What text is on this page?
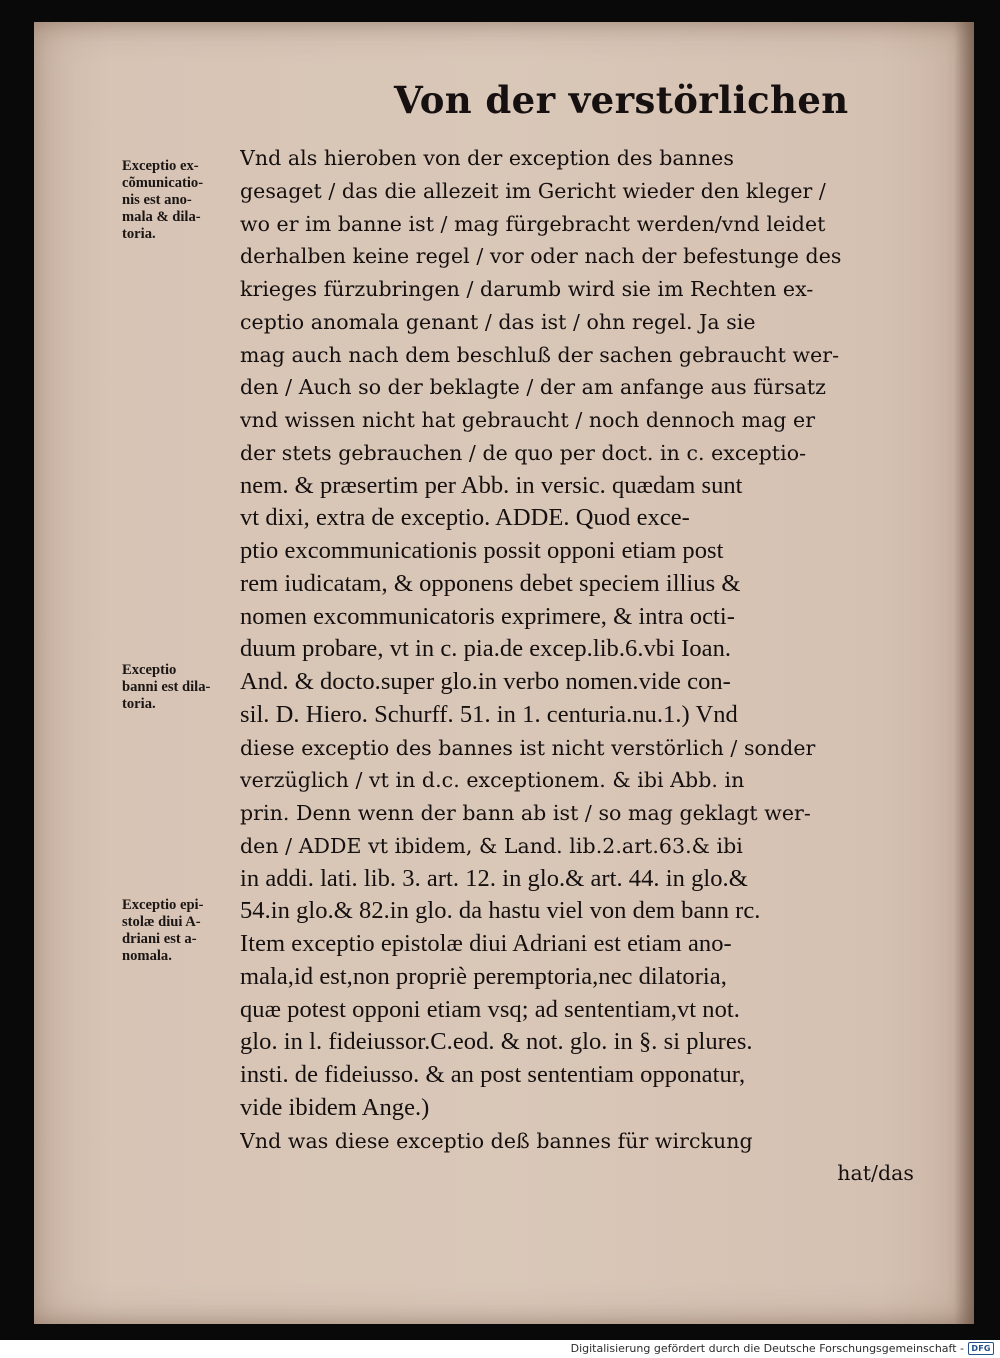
Von der verstörlichen
Exceptio ex-
cõmunicatio-
nis est ano-
mala & dila-
toria.
Exceptio
banni est dila-
toria.
Exceptio epi-
stolæ diui A-
driani est a-
nomala.
Vnd als hieroben von der exception des bannes
gesaget / das die allezeit im Gericht wieder den kleger /
wo er im banne ist / mag fürgebracht werden/vnd leidet
derhalben keine regel / vor oder nach der befestunge des
krieges fürzubringen / darumb wird sie im Rechten ex-
ceptio anomala genant / das ist / ohn regel. Ja sie
mag auch nach dem beschluß der sachen gebraucht wer-
den / Auch so der beklagte / der am anfange aus fürsatz
vnd wissen nicht hat gebraucht / noch dennoch mag er
der stets gebrauchen / de quo per doct. in c. exceptio-
nem. & præsertim per Abb. in versic. quædam sunt
vt dixi, extra de exceptio. ADDE. Quod exce-
ptio excommunicationis possit opponi etiam post
rem iudicatam, & opponens debet speciem illius &
nomen excommunicatoris exprimere, & intra octi-
duum probare, vt in c. pia.de excep.lib.6.vbi Ioan.
And. & docto.super glo.in verbo nomen.vide con-
sil. D. Hiero. Schurff. 51. in 1. centuria.nu.1.) Vnd
diese exceptio des bannes ist nicht verstörlich / sonder
verzüglich / vt in d.c. exceptionem. & ibi Abb. in
prin. Denn wenn der bann ab ist / so mag geklagt wer-
den / ADDE vt ibidem, & Land. lib.2.art.63.& ibi
in addi. lati. lib. 3. art. 12. in glo.& art. 44. in glo.&
54.in glo.& 82.in glo. da hastu viel von dem bann rc.
Item exceptio epistolæ diui Adriani est etiam ano-
mala,id est,non propriè peremptoria,nec dilatoria,
quæ potest opponi etiam vsq; ad sententiam,vt not.
glo. in l. fideiussor.C.eod. & not. glo. in §. si plures.
insti. de fideiusso. & an post sententiam opponatur,
vide ibidem Ange.)
Vnd was diese exceptio deß bannes für wirckung
hat/das
Digitalisierung gefördert durch die Deutsche Forschungsgemeinschaft - DFG
